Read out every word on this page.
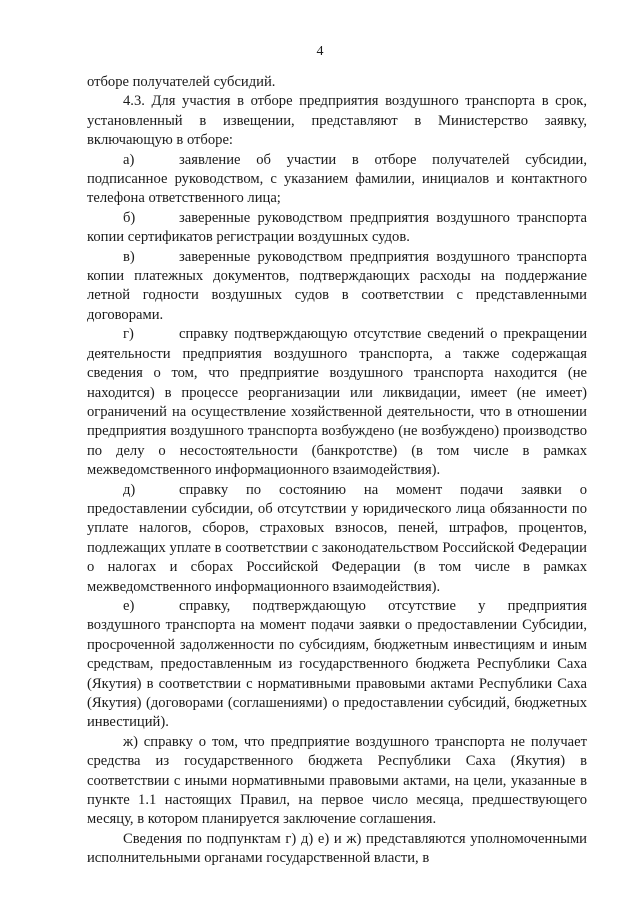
4

отборе получателей субсидий.

4.3. Для участия в отборе предприятия воздушного транспорта в срок, установленный в извещении, представляют в Министерство заявку, включающую в отборе:

а)	заявление об участии в отборе получателей субсидии, подписанное руководством, с указанием фамилии, инициалов и контактного телефона ответственного лица;

б)	заверенные руководством предприятия воздушного транспорта копии сертификатов регистрации воздушных судов.

в)	заверенные руководством предприятия воздушного транспорта копии платежных документов, подтверждающих расходы на поддержание летной годности воздушных судов в соответствии с представленными договорами.

г)	справку подтверждающую отсутствие сведений о прекращении деятельности предприятия воздушного транспорта, а также содержащая сведения о том, что предприятие воздушного транспорта находится (не находится) в процессе реорганизации или ликвидации, имеет (не имеет) ограничений на осуществление хозяйственной деятельности, что в отношении предприятия воздушного транспорта возбуждено (не возбуждено) производство по делу о несостоятельности (банкротстве) (в том числе в рамках межведомственного информационного взаимодействия).

д)	справку по состоянию на момент подачи заявки о предоставлении субсидии, об отсутствии у юридического лица обязанности по уплате налогов, сборов, страховых взносов, пеней, штрафов, процентов, подлежащих уплате в соответствии с законодательством Российской Федерации о налогах и сборах Российской Федерации (в том числе в рамках межведомственного информационного взаимодействия).

е)	справку, подтверждающую отсутствие у предприятия воздушного транспорта на момент подачи заявки о предоставлении Субсидии, просроченной задолженности по субсидиям, бюджетным инвестициям и иным средствам, предоставленным из государственного бюджета Республики Саха (Якутия) в соответствии с нормативными правовыми актами Республики Саха (Якутия) (договорами (соглашениями) о предоставлении субсидий, бюджетных инвестиций).

ж) справку о том, что предприятие воздушного транспорта не получает средства из государственного бюджета Республики Саха (Якутия) в соответствии с иными нормативными правовыми актами, на цели, указанные в пункте 1.1 настоящих Правил, на первое число месяца, предшествующего месяцу, в котором планируется заключение соглашения.

Сведения по подпунктам г) д) е) и ж) представляются уполномоченными исполнительными органами государственной власти, в
